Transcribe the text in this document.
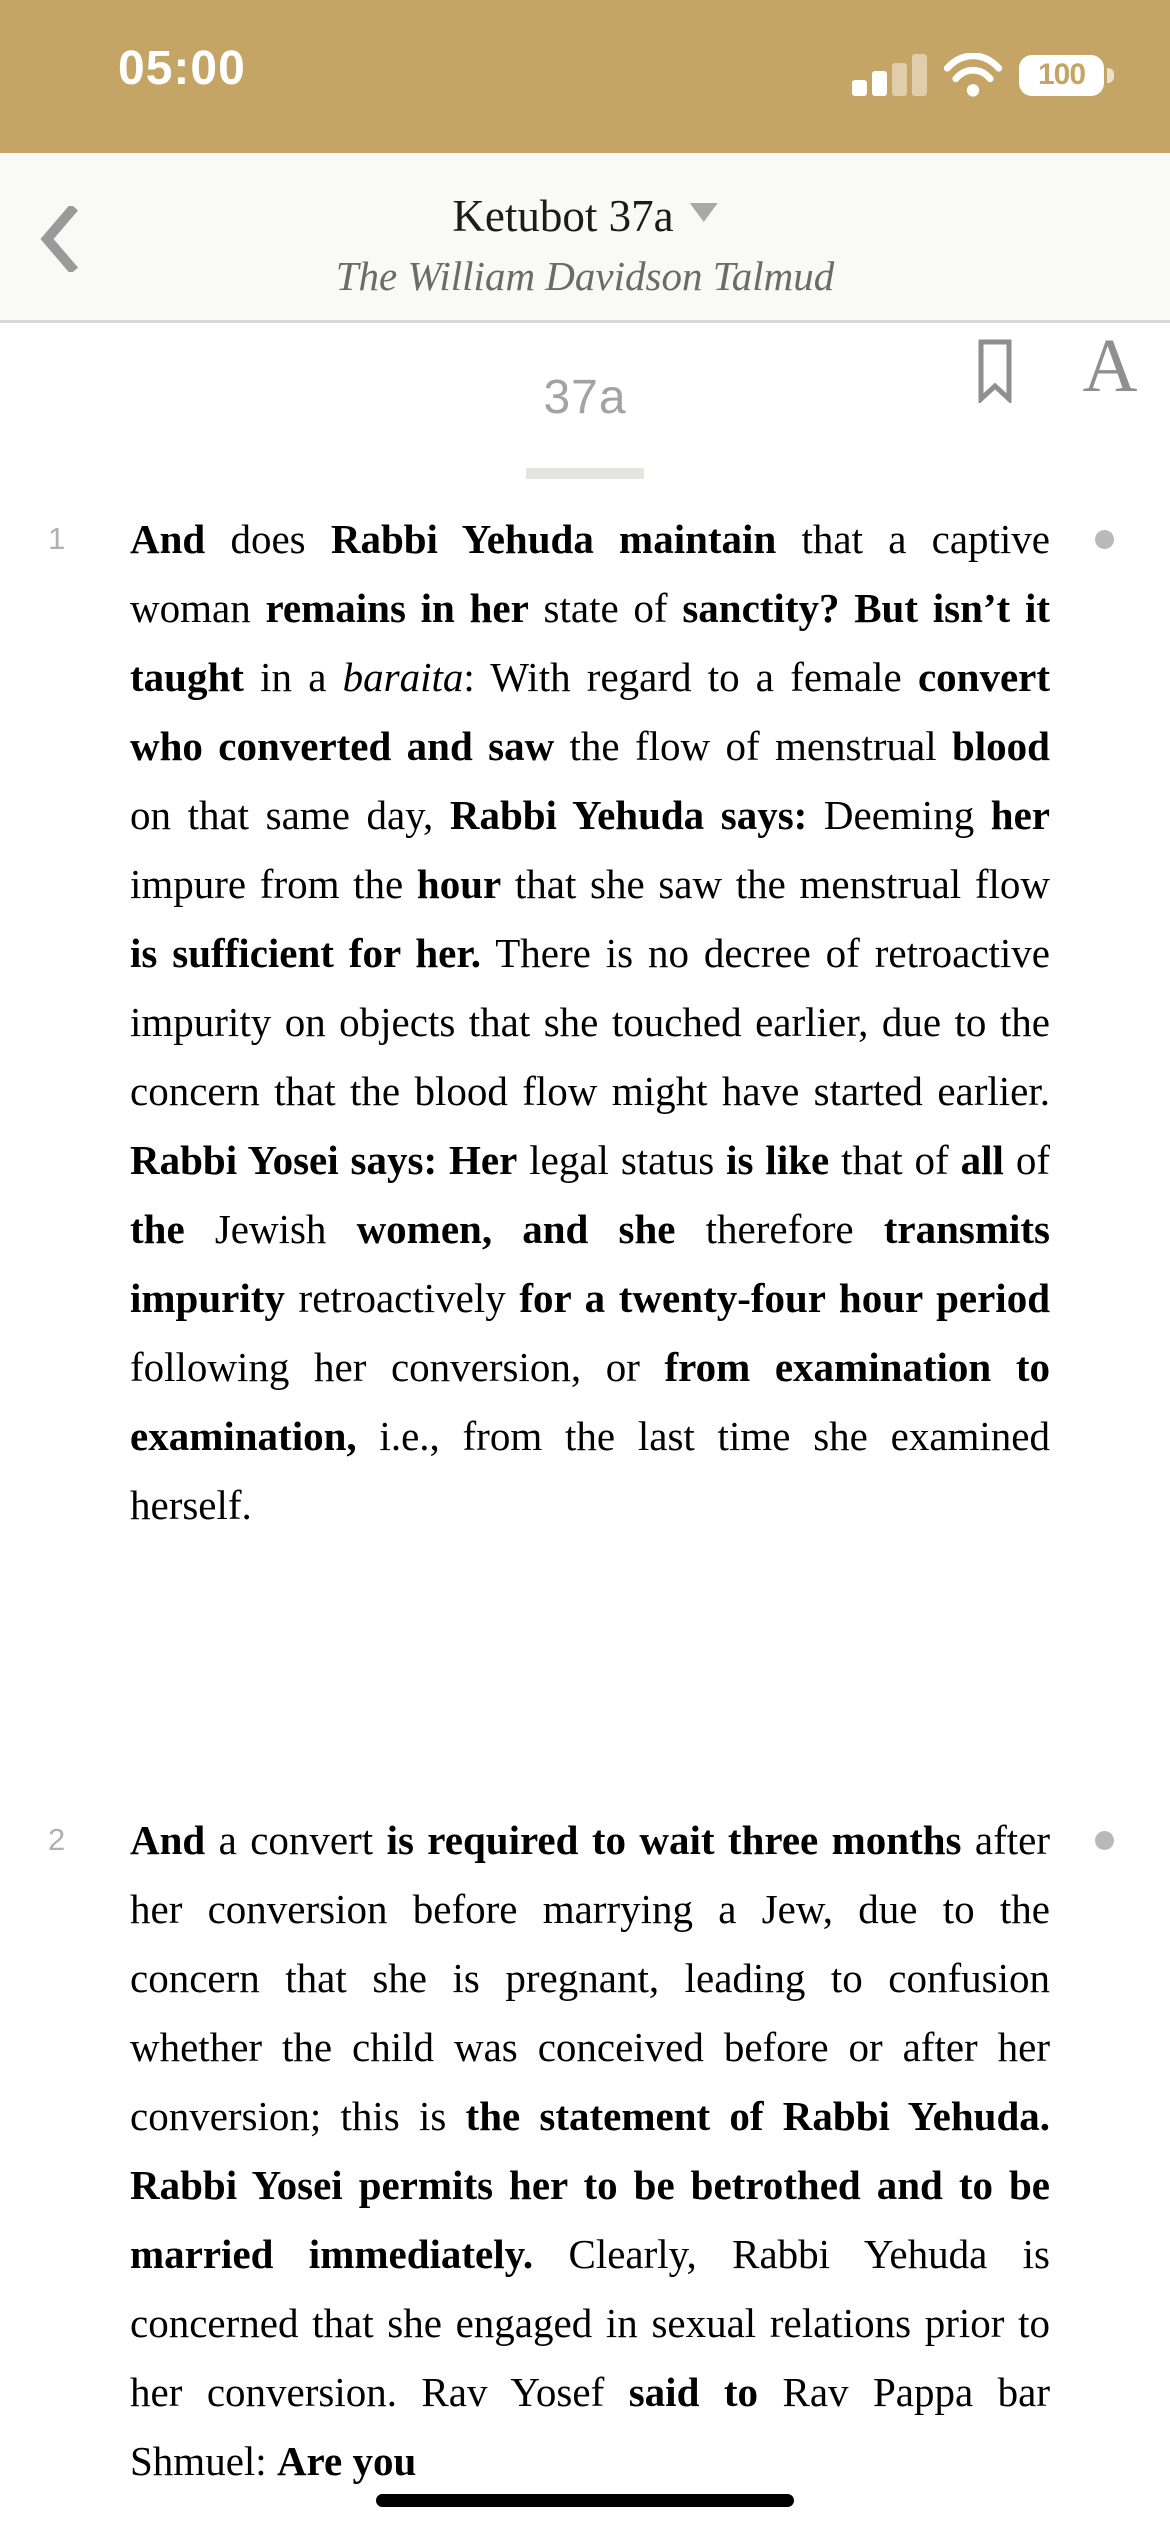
05:00	100
Ketubot 37a
The William Davidson Talmud
A
37a
1	And does Rabbi Yehuda maintain that a captive woman remains in her state of sanctity? But isn’t it taught in a baraita: With regard to a female convert who converted and saw the flow of menstrual blood on that same day, Rabbi Yehuda says: Deeming her impure from the hour that she saw the menstrual flow is sufficient for her. There is no decree of retroactive impurity on objects that she touched earlier, due to the concern that the blood flow might have started earlier. Rabbi Yosei says: Her legal status is like that of all of the Jewish women, and she therefore transmits impurity retroactively for a twenty-four hour period following her conversion, or from examination to examination, i.e., from the last time she examined herself.
2	And a convert is required to wait three months after her conversion before marrying a Jew, due to the concern that she is pregnant, leading to confusion whether the child was conceived before or after her conversion; this is the statement of Rabbi Yehuda. Rabbi Yosei permits her to be betrothed and to be married immediately. Clearly, Rabbi Yehuda is concerned that she engaged in sexual relations prior to her conversion. Rav Yosef said to Rav Pappa bar Shmuel: Are you
